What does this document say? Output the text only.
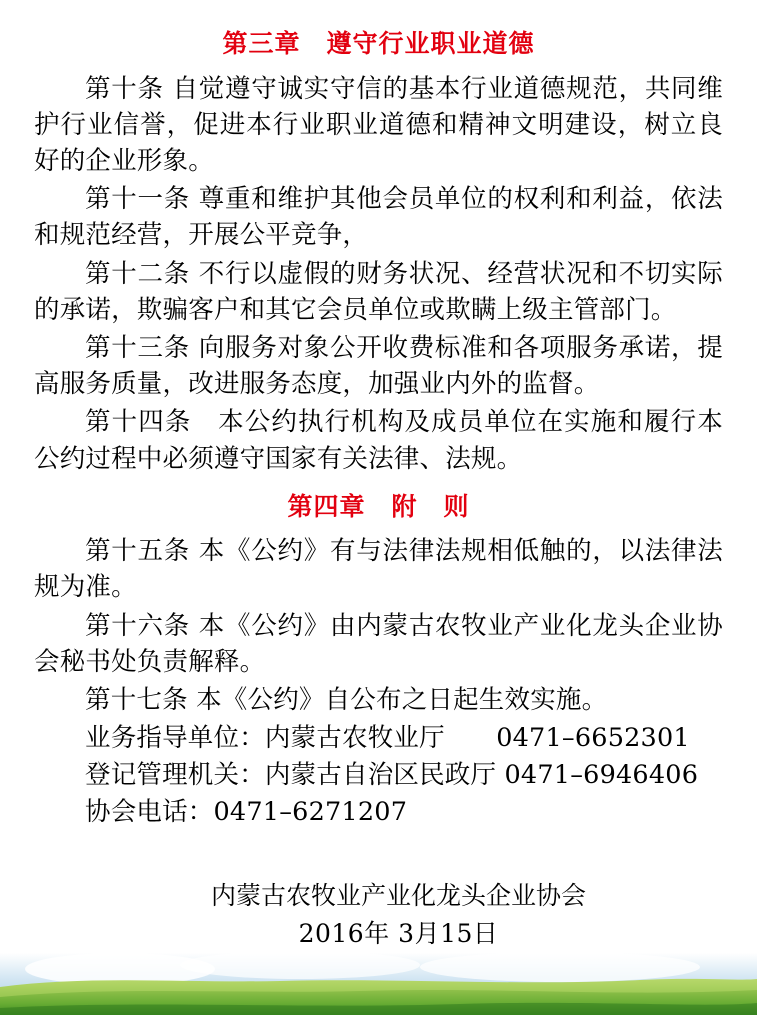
第三章　遵守行业职业道德

第十条 自觉遵守诚实守信的基本行业道德规范，共同维护行业信誉，促进本行业职业道德和精神文明建设，树立良好的企业形象。

第十一条 尊重和维护其他会员单位的权利和利益，依法和规范经营，开展公平竞争，

第十二条 不行以虚假的财务状况、经营状况和不切实际的承诺，欺骗客户和其它会员单位或欺瞒上级主管部门。

第十三条 向服务对象公开收费标准和各项服务承诺，提高服务质量，改进服务态度，加强业内外的监督。

第十四条　本公约执行机构及成员单位在实施和履行本公约过程中必须遵守国家有关法律、法规。

第四章　附　则

第十五条 本《公约》有与法律法规相低触的，以法律法规为准。

第十六条 本《公约》由内蒙古农牧业产业化龙头企业协会秘书处负责解释。

第十七条 本《公约》自公布之日起生效实施。

业务指导单位：内蒙古农牧业厅　　0471–6652301

登记管理机关：内蒙古自治区民政厅 0471–6946406

协会电话：0471–6271207

内蒙古农牧业产业化龙头企业协会
2016年 3月15日
